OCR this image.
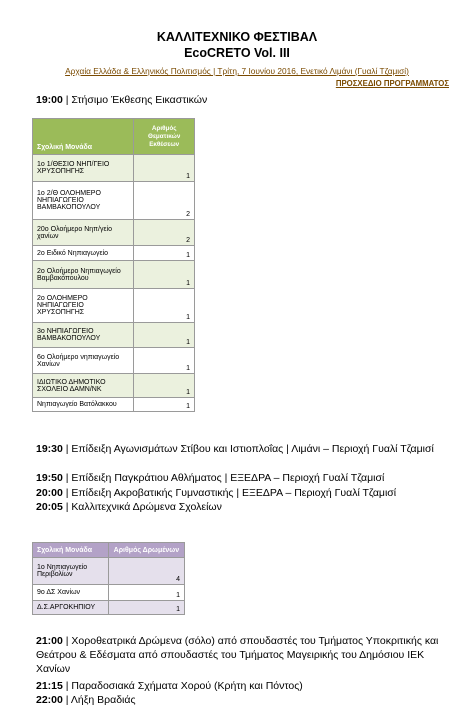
ΚΑΛΛΙΤΕΧΝΙΚΟ ΦΕΣΤΙΒΑΛ
EcoCRETO Vol. III
Αρχαία Ελλάδα & Ελληνικός Πολιτισμός | Τρίτη, 7 Ιουνίου 2016, Ενετικό Λιμάνι (Γυαλί Τζαμισί)
ΠΡΟΣΧΕΔΙΟ ΠΡΟΓΡΑΜΜΑΤΟΣ
19:00 | Στήσιμο Έκθεσης Εικαστικών
Σχολική Μονάδα	Αριθμός Θεματικών Εκθέσεων
1ο 1/ΘΕΣΙΟ ΝΗΠ/ΓΕΙΟ ΧΡΥΣΟΠΗΓΗΣ	1
1ο 2/Θ ΟΛΟΗΜΕΡΟ ΝΗΠΙΑΓΩΓΕΙΟ ΒΑΜΒΑΚΟΠΟΥΛΟΥ	2
20ο Ολοήμερο Νηπ/γείο χανίων	2
2ο Ειδικό Νηπιαγωγείο	1
2ο Ολοήμερο Νηπιαγωγείο Βαμβακόπουλου	1
2ο ΟΛΟΗΜΕΡΟ ΝΗΠΙΑΓΩΓΕΙΟ ΧΡΥΣΟΠΗΓΗΣ	1
3ο ΝΗΠΙΑΓΩΓΕΙΟ ΒΑΜΒΑΚΟΠΟΥΛΟΥ	1
6ο Ολοήμερο νηπιαγωγείο Χανίων	1
ΙΔΙΩΤΙΚΟ ΔΗΜΟΤΙΚΟ ΣΧΟΛΕΙΟ ΔΑΜΝ/ΝΚ	1
Νηπιαγωγείο Βατόλακκου	1
19:30 | Επίδειξη Αγωνισμάτων Στίβου και Ιστιοπλοΐας | Λιμάνι – Περιοχή Γυαλί Τζαμισί
19:50 | Επίδειξη Παγκράτιου Αθλήματος | ΕΞΕΔΡΑ – Περιοχή Γυαλί Τζαμισί
20:00 | Επίδειξη Ακροβατικής Γυμναστικής | ΕΞΕΔΡΑ – Περιοχή Γυαλί Τζαμισί
20:05 | Καλλιτεχνικά Δρώμενα Σχολείων
Σχολική Μονάδα	Αριθμός Δρωμένων
1ο Νηπιαγωγείο Περιβολίων	4
9ο ΔΣ Χανίων	1
Δ.Σ.ΑΡΓΟΚΗΠΙΟΥ	1
21:00 | Χοροθεατρικά Δρώμενα (σόλο) από σπουδαστές του Τμήματος Υποκριτικής και Θεάτρου & Εδέσματα από σπουδαστές του Τμήματος Μαγειρικής του Δημόσιου ΙΕΚ Χανίων
21:15 | Παραδοσιακά Σχήματα Χορού (Κρήτη και Πόντος)
22:00 | Λήξη Βραδιάς
